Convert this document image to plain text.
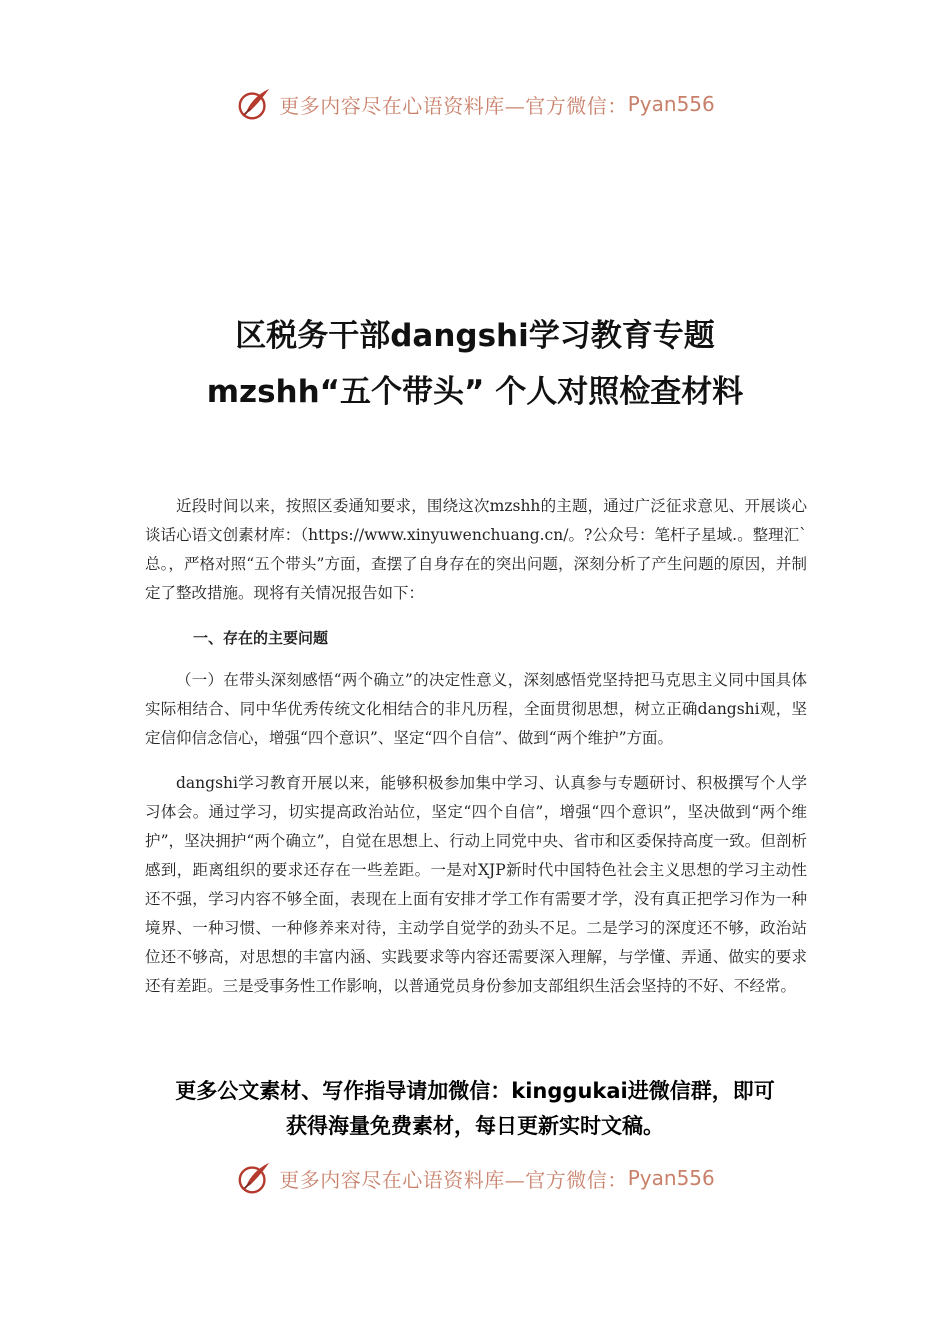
更多内容尽在心语资料库—官方微信： Pyan556
区税务干部dangshi学习教育专题
mzshh“五个带头” 个人对照检查材料

近段时间以来，按照区委通知要求，围绕这次mzshh的主题，通过广泛征求意见、开展谈心谈话心语文创素材库：（https://www.xinyuwenchuang.cn/。?公众号：笔杆子星域.。整理汇`总。，严格对照“五个带头”方面，查摆了自身存在的突出问题，深刻分析了产生问题的原因，并制定了整改措施。现将有关情况报告如下：

一、存在的主要问题

（一）在带头深刻感悟“两个确立”的决定性意义，深刻感悟党坚持把马克思主义同中国具体实际相结合、同中华优秀传统文化相结合的非凡历程，全面贯彻思想，树立正确dangshi观，坚定信仰信念信心，增强“四个意识”、坚定“四个自信”、做到“两个维护”方面。

dangshi学习教育开展以来，能够积极参加集中学习、认真参与专题研讨、积极撰写个人学习体会。通过学习，切实提高政治站位，坚定“四个自信”，增强“四个意识”，坚决做到“两个维护”，坚决拥护“两个确立”，自觉在思想上、行动上同党中央、省市和区委保持高度一致。但剖析感到，距离组织的要求还存在一些差距。一是对XJP新时代中国特色社会主义思想的学习主动性还不强，学习内容不够全面，表现在上面有安排才学工作有需要才学，没有真正把学习作为一种境界、一种习惯、一种修养来对待，主动学自觉学的劲头不足。二是学习的深度还不够，政治站位还不够高，对思想的丰富内涵、实践要求等内容还需要深入理解，与学懂、弄通、做实的要求还有差距。三是受事务性工作影响，以普通党员身份参加支部组织生活会坚持的不好、不经常。

更多公文素材、写作指导请加微信：kinggukai进微信群，即可
获得海量免费素材，每日更新实时文稿。
更多内容尽在心语资料库—官方微信： Pyan556
